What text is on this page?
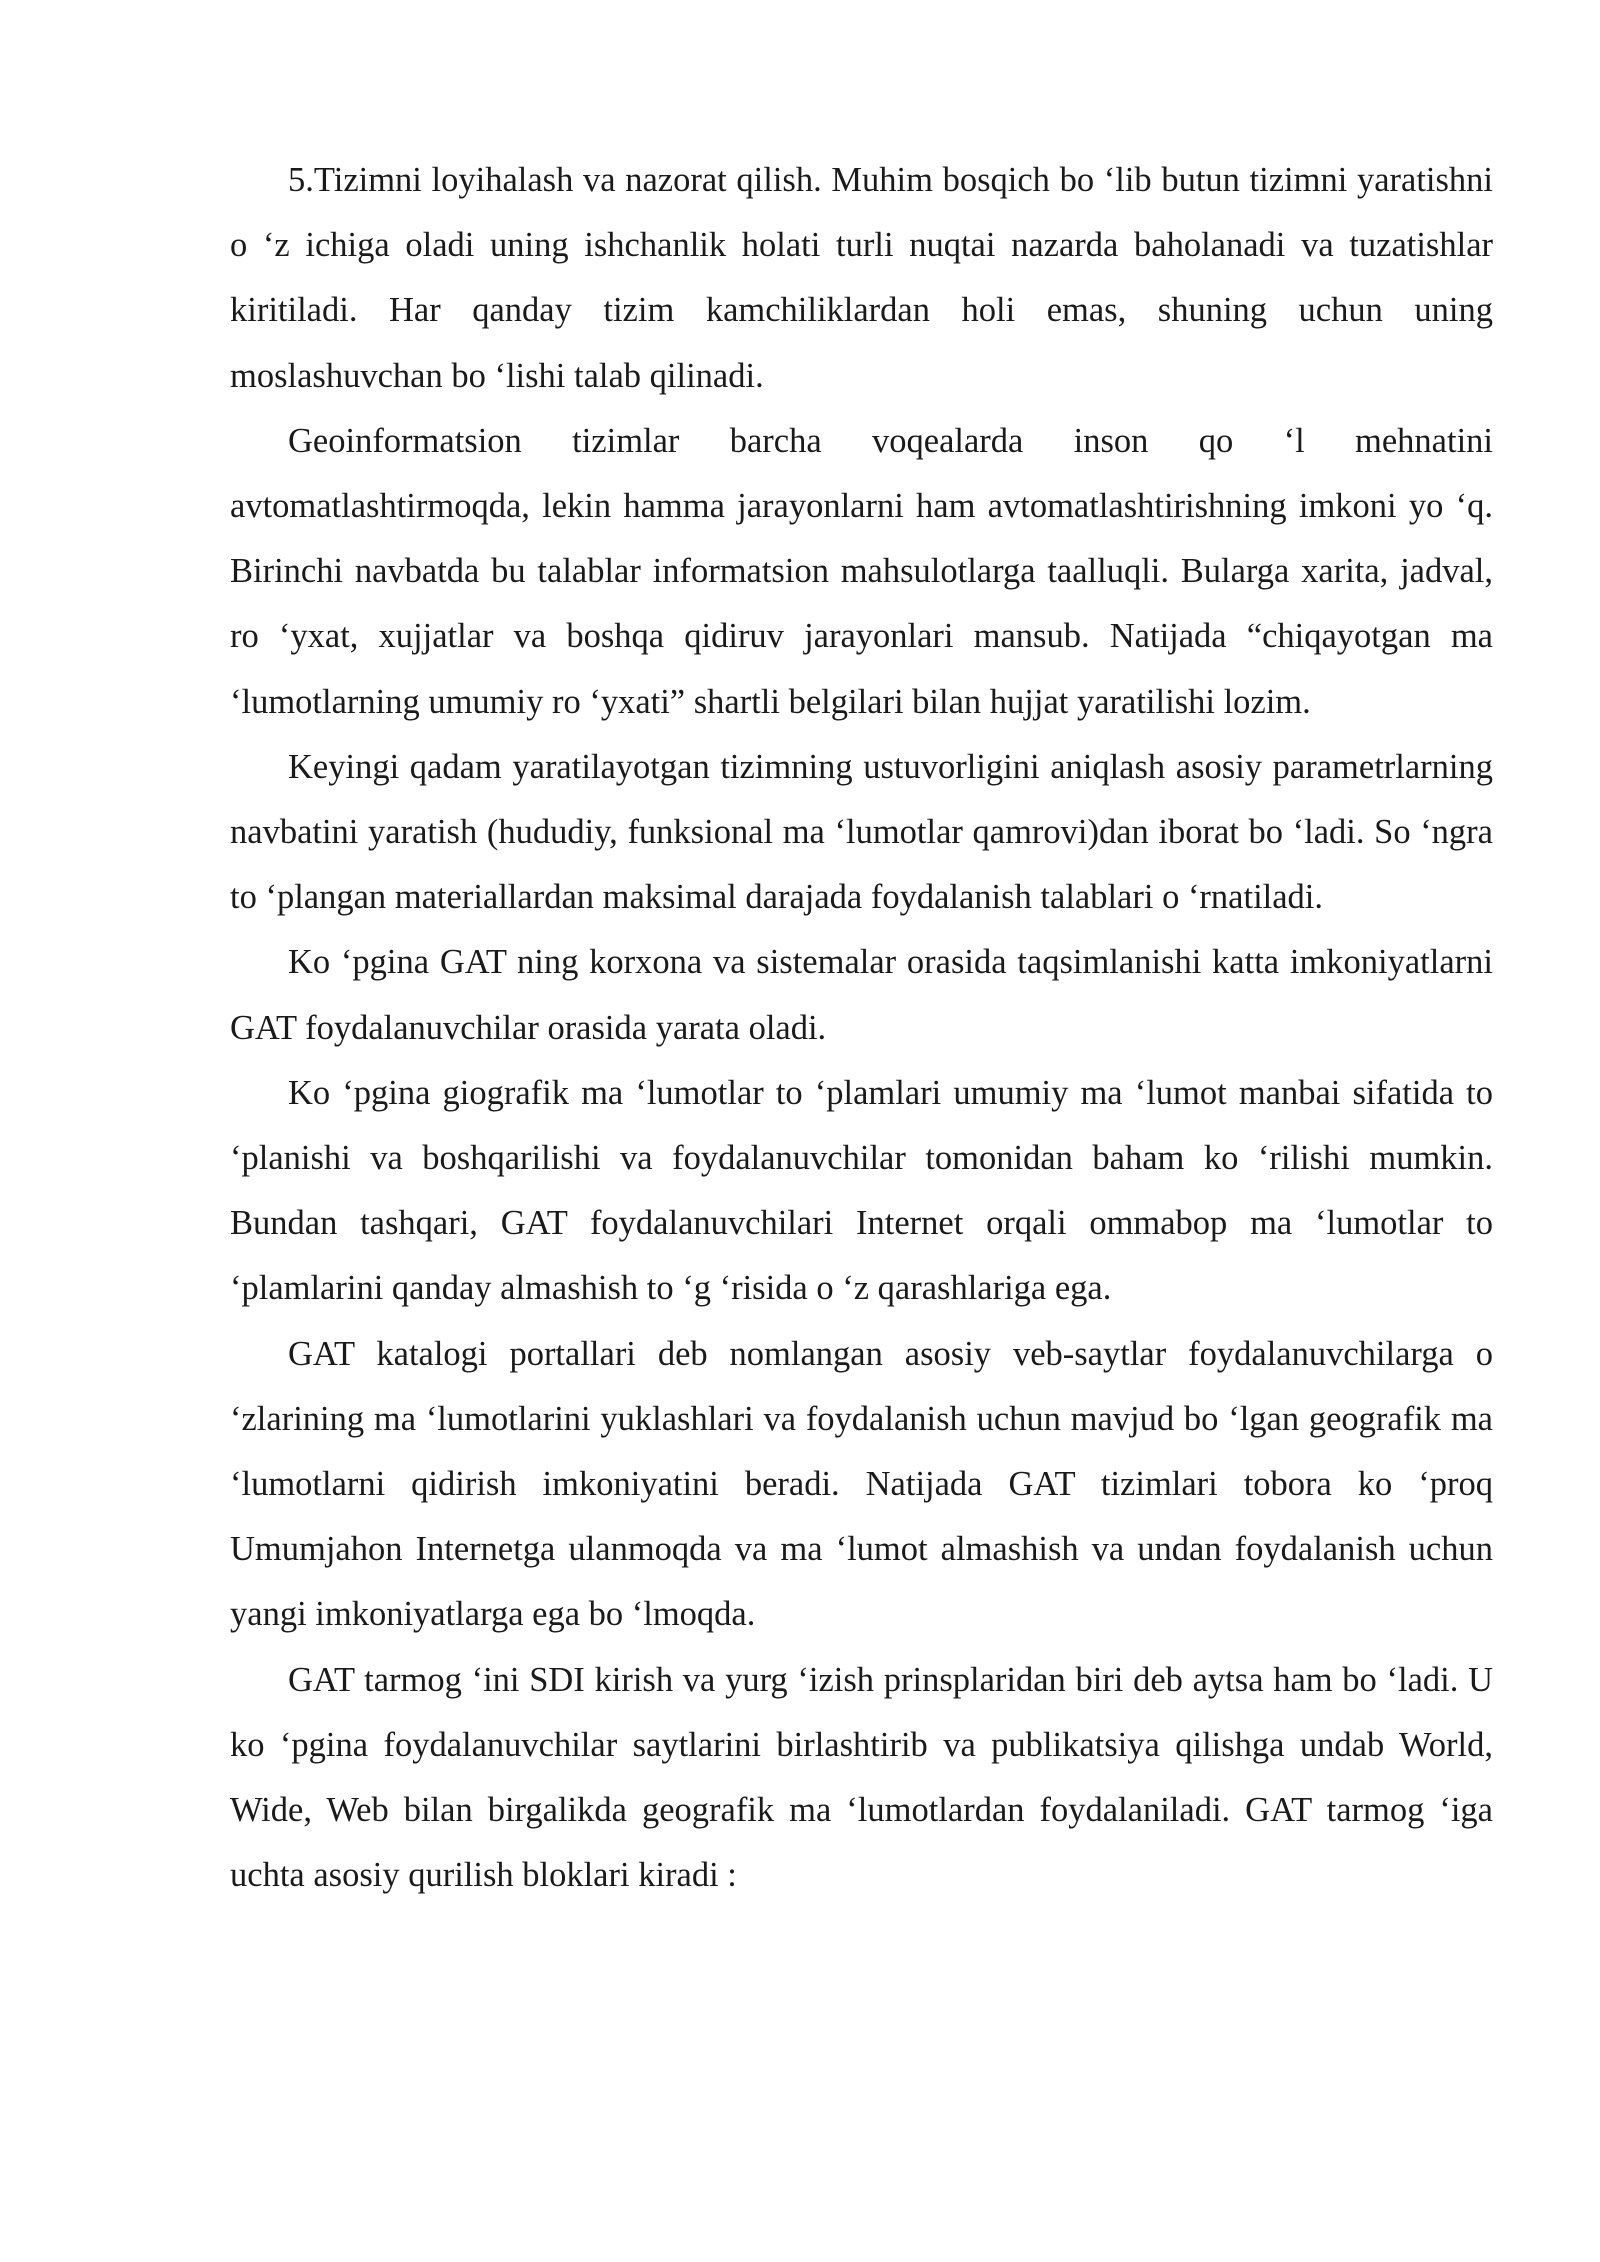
5.Tizimni loyihalash va nazorat qilish. Muhim bosqich bo ‘lib butun tizimni yaratishni o ‘z ichiga oladi uning ishchanlik holati turli nuqtai nazarda baholanadi va tuzatishlar kiritiladi. Har qanday tizim kamchiliklardan holi emas, shuning uchun uning moslashuvchan bo ‘lishi talab qilinadi.

Geoinformatsion tizimlar barcha voqealarda inson qo ‘l mehnatini avtomatlashtirmoqda, lekin hamma jarayonlarni ham avtomatlashtirishning imkoni yo ‘q. Birinchi navbatda bu talablar informatsion mahsulotlarga taalluqli. Bularga xarita, jadval, ro ‘yxat, xujjatlar va boshqa qidiruv jarayonlari mansub. Natijada “chiqayotgan ma ‘lumotlarning umumiy ro ‘yxati” shartli belgilari bilan hujjat yaratilishi lozim.

Keyingi qadam yaratilayotgan tizimning ustuvorligini aniqlash asosiy parametrlarning navbatini yaratish (hududiy, funksional ma ‘lumotlar qamrovi)dan iborat bo ‘ladi. So ‘ngra to ‘plangan materiallardan maksimal darajada foydalanish talablari o ‘rnatiladi.

Ko ‘pgina GAT ning korxona va sistemalar orasida taqsimlanishi katta imkoniyatlarni GAT foydalanuvchilar orasida yarata oladi.

Ko ‘pgina giografik ma ‘lumotlar to ‘plamlari umumiy ma ‘lumot manbai sifatida to ‘planishi va boshqarilishi va foydalanuvchilar tomonidan baham ko ‘rilishi mumkin. Bundan tashqari, GAT foydalanuvchilari Internet orqali ommabop ma ‘lumotlar to ‘plamlarini qanday almashish to ‘g ‘risida o ‘z qarashlariga ega.

GAT katalogi portallari deb nomlangan asosiy veb-saytlar foydalanuvchilarga o ‘zlarining ma ‘lumotlarini yuklashlari va foydalanish uchun mavjud bo ‘lgan geografik ma ‘lumotlarni qidirish imkoniyatini beradi. Natijada GAT tizimlari tobora ko ‘proq Umumjahon Internetga ulanmoqda va ma ‘lumot almashish va undan foydalanish uchun yangi imkoniyatlarga ega bo ‘lmoqda.

GAT tarmog ‘ini SDI kirish va yurg ‘izish prinsplaridan biri deb aytsa ham bo ‘ladi. U ko ‘pgina foydalanuvchilar saytlarini birlashtirib va publikatsiya qilishga undab World, Wide, Web bilan birgalikda geografik ma ‘lumotlardan foydalaniladi. GAT tarmog ‘iga uchta asosiy qurilish bloklari kiradi :
